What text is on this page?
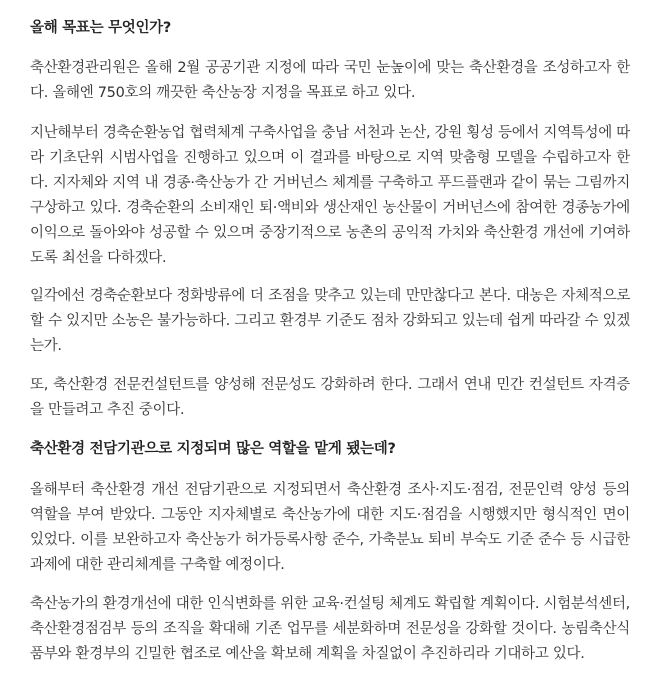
올해 목표는 무엇인가?

축산환경관리원은 올해 2월 공공기관 지정에 따라 국민 눈높이에 맞는 축산환경을 조성하고자 한다. 올해엔 750호의 깨끗한 축산농장 지정을 목표로 하고 있다.

지난해부터 경축순환농업 협력체계 구축사업을 충남 서천과 논산, 강원 횡성 등에서 지역특성에 따라 기초단위 시범사업을 진행하고 있으며 이 결과를 바탕으로 지역 맞춤형 모델을 수립하고자 한다. 지자체와 지역 내 경종·축산농가 간 거버넌스 체계를 구축하고 푸드플랜과 같이 묶는 그림까지 구상하고 있다. 경축순환의 소비재인 퇴·액비와 생산재인 농산물이 거버넌스에 참여한 경종농가에 이익으로 돌아와야 성공할 수 있으며 중장기적으로 농촌의 공익적 가치와 축산환경 개선에 기여하도록 최선을 다하겠다.

일각에선 경축순환보다 정화방류에 더 조점을 맞추고 있는데 만만찮다고 본다. 대농은 자체적으로 할 수 있지만 소농은 불가능하다. 그리고 환경부 기준도 점차 강화되고 있는데 쉽게 따라갈 수 있겠는가.

또, 축산환경 전문컨설턴트를 양성해 전문성도 강화하려 한다. 그래서 연내 민간 컨설턴트 자격증을 만들려고 추진 중이다.

축산환경 전담기관으로 지정되며 많은 역할을 맡게 됐는데?

올해부터 축산환경 개선 전담기관으로 지정되면서 축산환경 조사·지도·점검, 전문인력 양성 등의 역할을 부여 받았다. 그동안 지자체별로 축산농가에 대한 지도·점검을 시행했지만 형식적인 면이 있었다. 이를 보완하고자 축산농가 허가등록사항 준수, 가축분뇨 퇴비 부숙도 기준 준수 등 시급한 과제에 대한 관리체계를 구축할 예정이다.

축산농가의 환경개선에 대한 인식변화를 위한 교육·컨설팅 체계도 확립할 계획이다. 시험분석센터, 축산환경점검부 등의 조직을 확대해 기존 업무를 세분화하며 전문성을 강화할 것이다. 농림축산식품부와 환경부의 긴밀한 협조로 예산을 확보해 계획을 차질없이 추진하리라 기대하고 있다.
